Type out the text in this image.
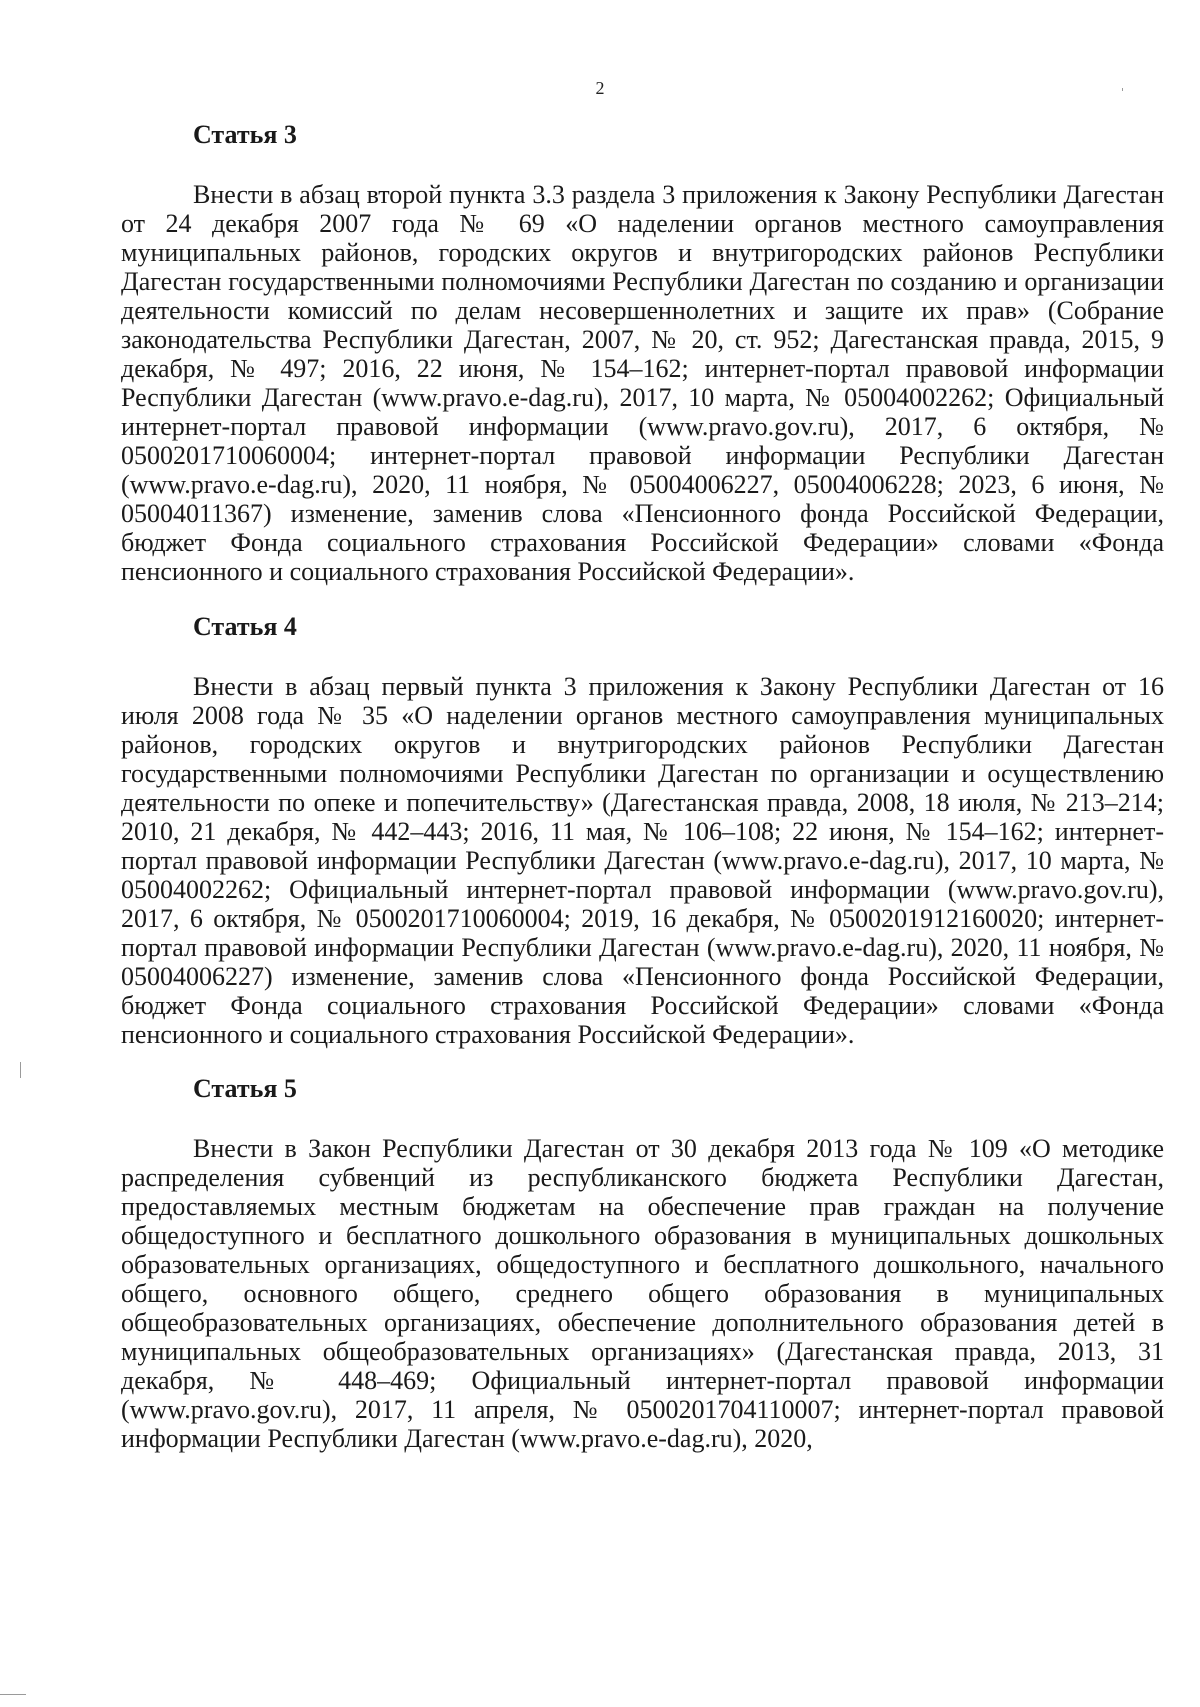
2
Статья 3

Внести в абзац второй пункта 3.3 раздела 3 приложения к Закону Республики Дагестан от 24 декабря 2007 года № 69 «О наделении органов местного самоуправления муниципальных районов, городских округов и внутригородских районов Республики Дагестан государственными полномочиями Республики Дагестан по созданию и организации деятельности комиссий по делам несовершеннолетних и защите их прав» (Собрание законодательства Республики Дагестан, 2007, № 20, ст. 952; Дагестанская правда, 2015, 9 декабря, № 497; 2016, 22 июня, № 154–162; интернет-портал правовой информации Республики Дагестан (www.pravo.e-dag.ru), 2017, 10 марта, № 05004002262; Официальный интернет-портал правовой информации (www.pravo.gov.ru), 2017, 6 октября, № 0500201710060004; интернет-портал правовой информации Республики Дагестан (www.pravo.e-dag.ru), 2020, 11 ноября, № 05004006227, 05004006228; 2023, 6 июня, № 05004011367) изменение, заменив слова «Пенсионного фонда Российской Федерации, бюджет Фонда социального страхования Российской Федерации» словами «Фонда пенсионного и социального страхования Российской Федерации».

Статья 4

Внести в абзац первый пункта 3 приложения к Закону Республики Дагестан от 16 июля 2008 года № 35 «О наделении органов местного самоуправления муниципальных районов, городских округов и внутригородских районов Республики Дагестан государственными полномочиями Республики Дагестан по организации и осуществлению деятельности по опеке и попечительству» (Дагестанская правда, 2008, 18 июля, № 213–214; 2010, 21 декабря, № 442–443; 2016, 11 мая, № 106–108; 22 июня, № 154–162; интернет-портал правовой информации Республики Дагестан (www.pravo.e-dag.ru), 2017, 10 марта, № 05004002262; Официальный интернет-портал правовой информации (www.pravo.gov.ru), 2017, 6 октября, № 0500201710060004; 2019, 16 декабря, № 0500201912160020; интернет-портал правовой информации Республики Дагестан (www.pravo.e-dag.ru), 2020, 11 ноября, № 05004006227) изменение, заменив слова «Пенсионного фонда Российской Федерации, бюджет Фонда социального страхования Российской Федерации» словами «Фонда пенсионного и социального страхования Российской Федерации».

Статья 5

Внести в Закон Республики Дагестан от 30 декабря 2013 года № 109 «О методике распределения субвенций из республиканского бюджета Республики Дагестан, предоставляемых местным бюджетам на обеспечение прав граждан на получение общедоступного и бесплатного дошкольного образования в муниципальных дошкольных образовательных организациях, общедоступного и бесплатного дошкольного, начального общего, основного общего, среднего общего образования в муниципальных общеобразовательных организациях, обеспечение дополнительного образования детей в муниципальных общеобразовательных организациях» (Дагестанская правда, 2013, 31 декабря, № 448–469; Официальный интернет-портал правовой информации (www.pravo.gov.ru), 2017, 11 апреля, № 0500201704110007; интернет-портал правовой информации Республики Дагестан (www.pravo.e-dag.ru), 2020,
